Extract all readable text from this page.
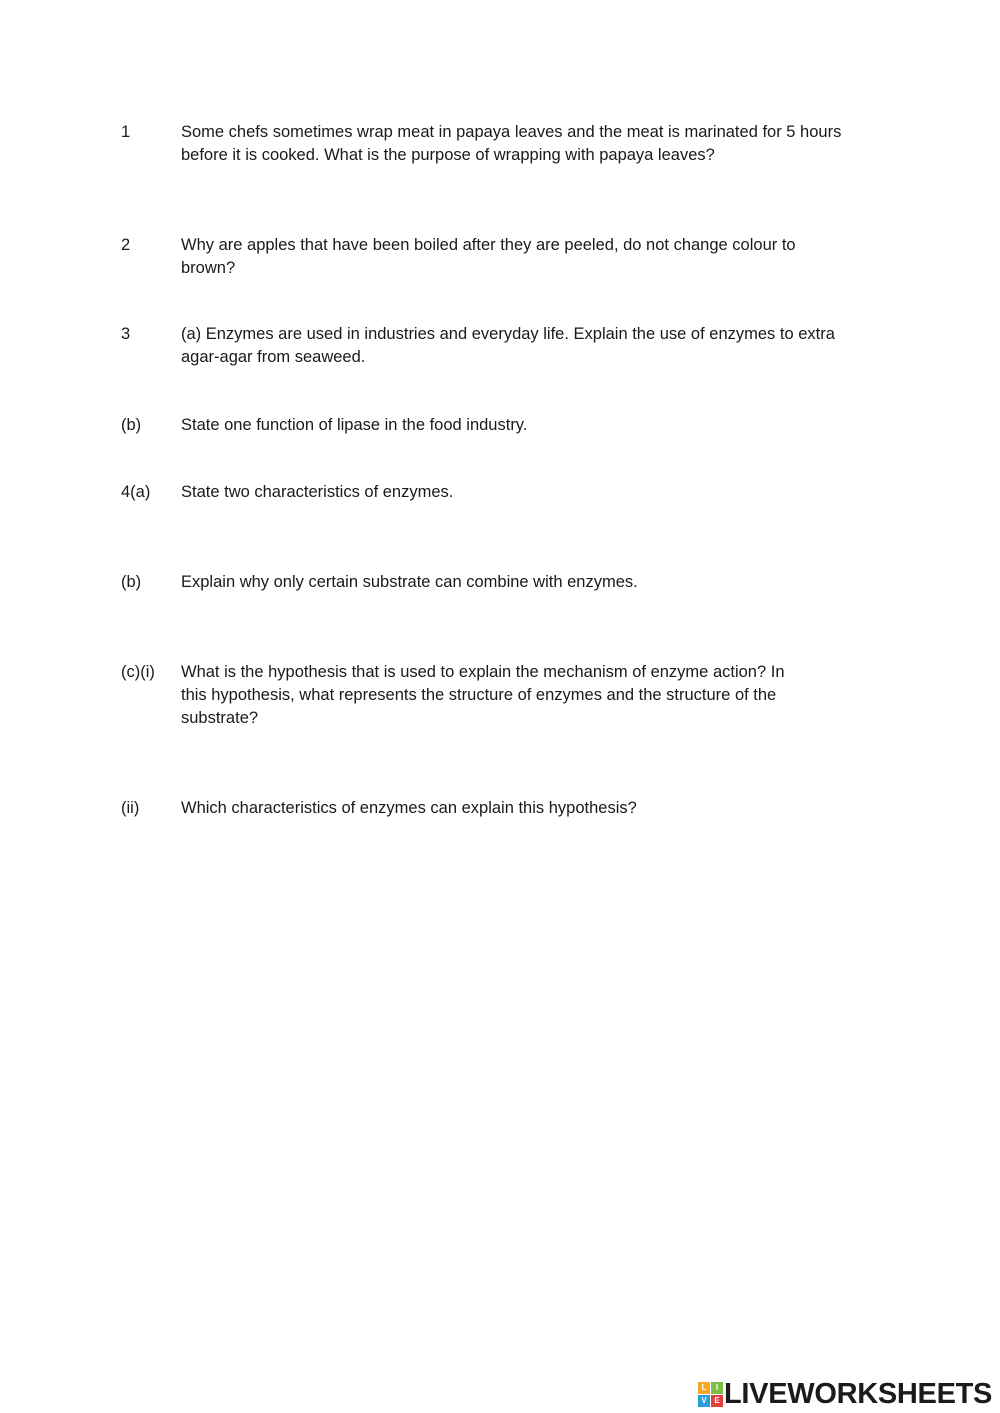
1	Some chefs sometimes wrap meat in papaya leaves and the meat is marinated for 5 hours
before it is cooked. What is the purpose of wrapping with papaya leaves?
2	Why are apples that have been boiled after they are peeled, do not change colour to
brown?
3	(a) Enzymes are used in industries and everyday life. Explain the use of enzymes to extra
agar-agar from seaweed.
(b) State one function of lipase in the food industry.
4(a) State two characteristics of enzymes.
(b) Explain why only certain substrate can combine with enzymes.
(c)(i) What is the hypothesis that is used to explain the mechanism of enzyme action? In
this hypothesis, what represents the structure of enzymes and the structure of the
substrate?
(ii)	Which characteristics of enzymes can explain this hypothesis?
L	I
V E LIVEWORKSHEETS
